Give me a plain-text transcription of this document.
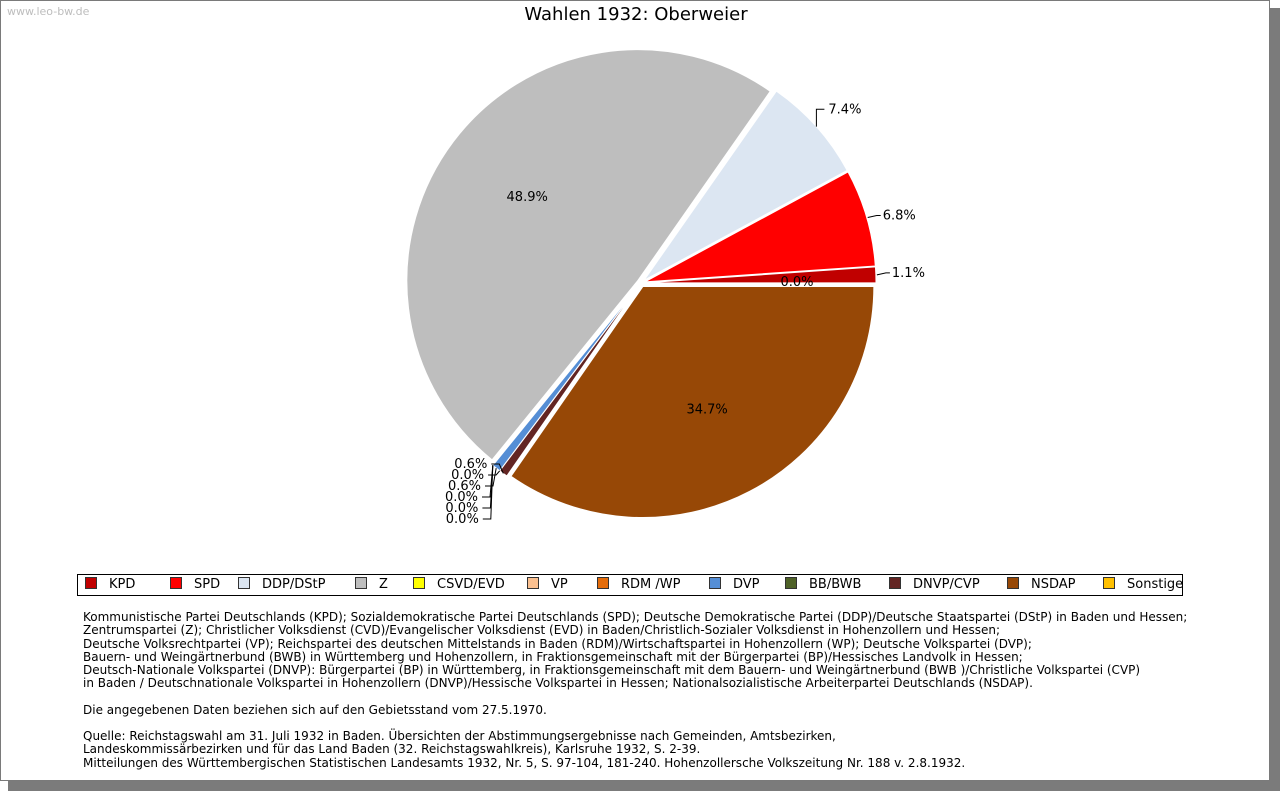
www.leo-bw.de	Wahlen 1932: Oberweier
0.0%
34.7%
0.6%
0.0%
0.6%
0.0%
0.0%
0.0%
48.9%
7.4%
6.8%
1.1%
KPD	SPD	DDP/DStP	Z	CSVD/EVD	VP	RDM /WP	DVP	BB/BWB	DNVP/CVP	NSDAP	Sonstige
Kommunistische Partei Deutschlands (KPD); Sozialdemokratische Partei Deutschlands (SPD); Deutsche Demokratische Partei (DDP)/Deutsche Staatspartei (DStP) in Baden und Hessen;
Zentrumspartei (Z); Christlicher Volksdienst (CVD)/Evangelischer Volksdienst (EVD) in Baden/Christlich-Sozialer Volksdienst in Hohenzollern und Hessen;
Deutsche Volksrechtpartei (VP); Reichspartei des deutschen Mittelstands in Baden (RDM)/Wirtschaftspartei in Hohenzollern (WP); Deutsche Volkspartei (DVP);
Bauern- und Weingärtnerbund (BWB) in Württemberg und Hohenzollern, in Fraktionsgemeinschaft mit der Bürgerpartei (BP)/Hessisches Landvolk in Hessen;
Deutsch-Nationale Volkspartei (DNVP): Bürgerpartei (BP) in Württemberg, in Fraktionsgemeinschaft mit dem Bauern- und Weingärtnerbund (BWB )/Christliche Volkspartei (CVP)
in Baden / Deutschnationale Volkspartei in Hohenzollern (DNVP)/Hessische Volkspartei in Hessen; Nationalsozialistische Arbeiterpartei Deutschlands (NSDAP).
Die angegebenen Daten beziehen sich auf den Gebietsstand vom 27.5.1970.
Quelle: Reichstagswahl am 31. Juli 1932 in Baden. Übersichten der Abstimmungsergebnisse nach Gemeinden, Amtsbezirken,
Landeskommissärbezirken und für das Land Baden (32. Reichstagswahlkreis), Karlsruhe 1932, S. 2-39.
Mitteilungen des Württembergischen Statistischen Landesamts 1932, Nr. 5, S. 97-104, 181-240. Hohenzollersche Volkszeitung Nr. 188 v. 2.8.1932.
